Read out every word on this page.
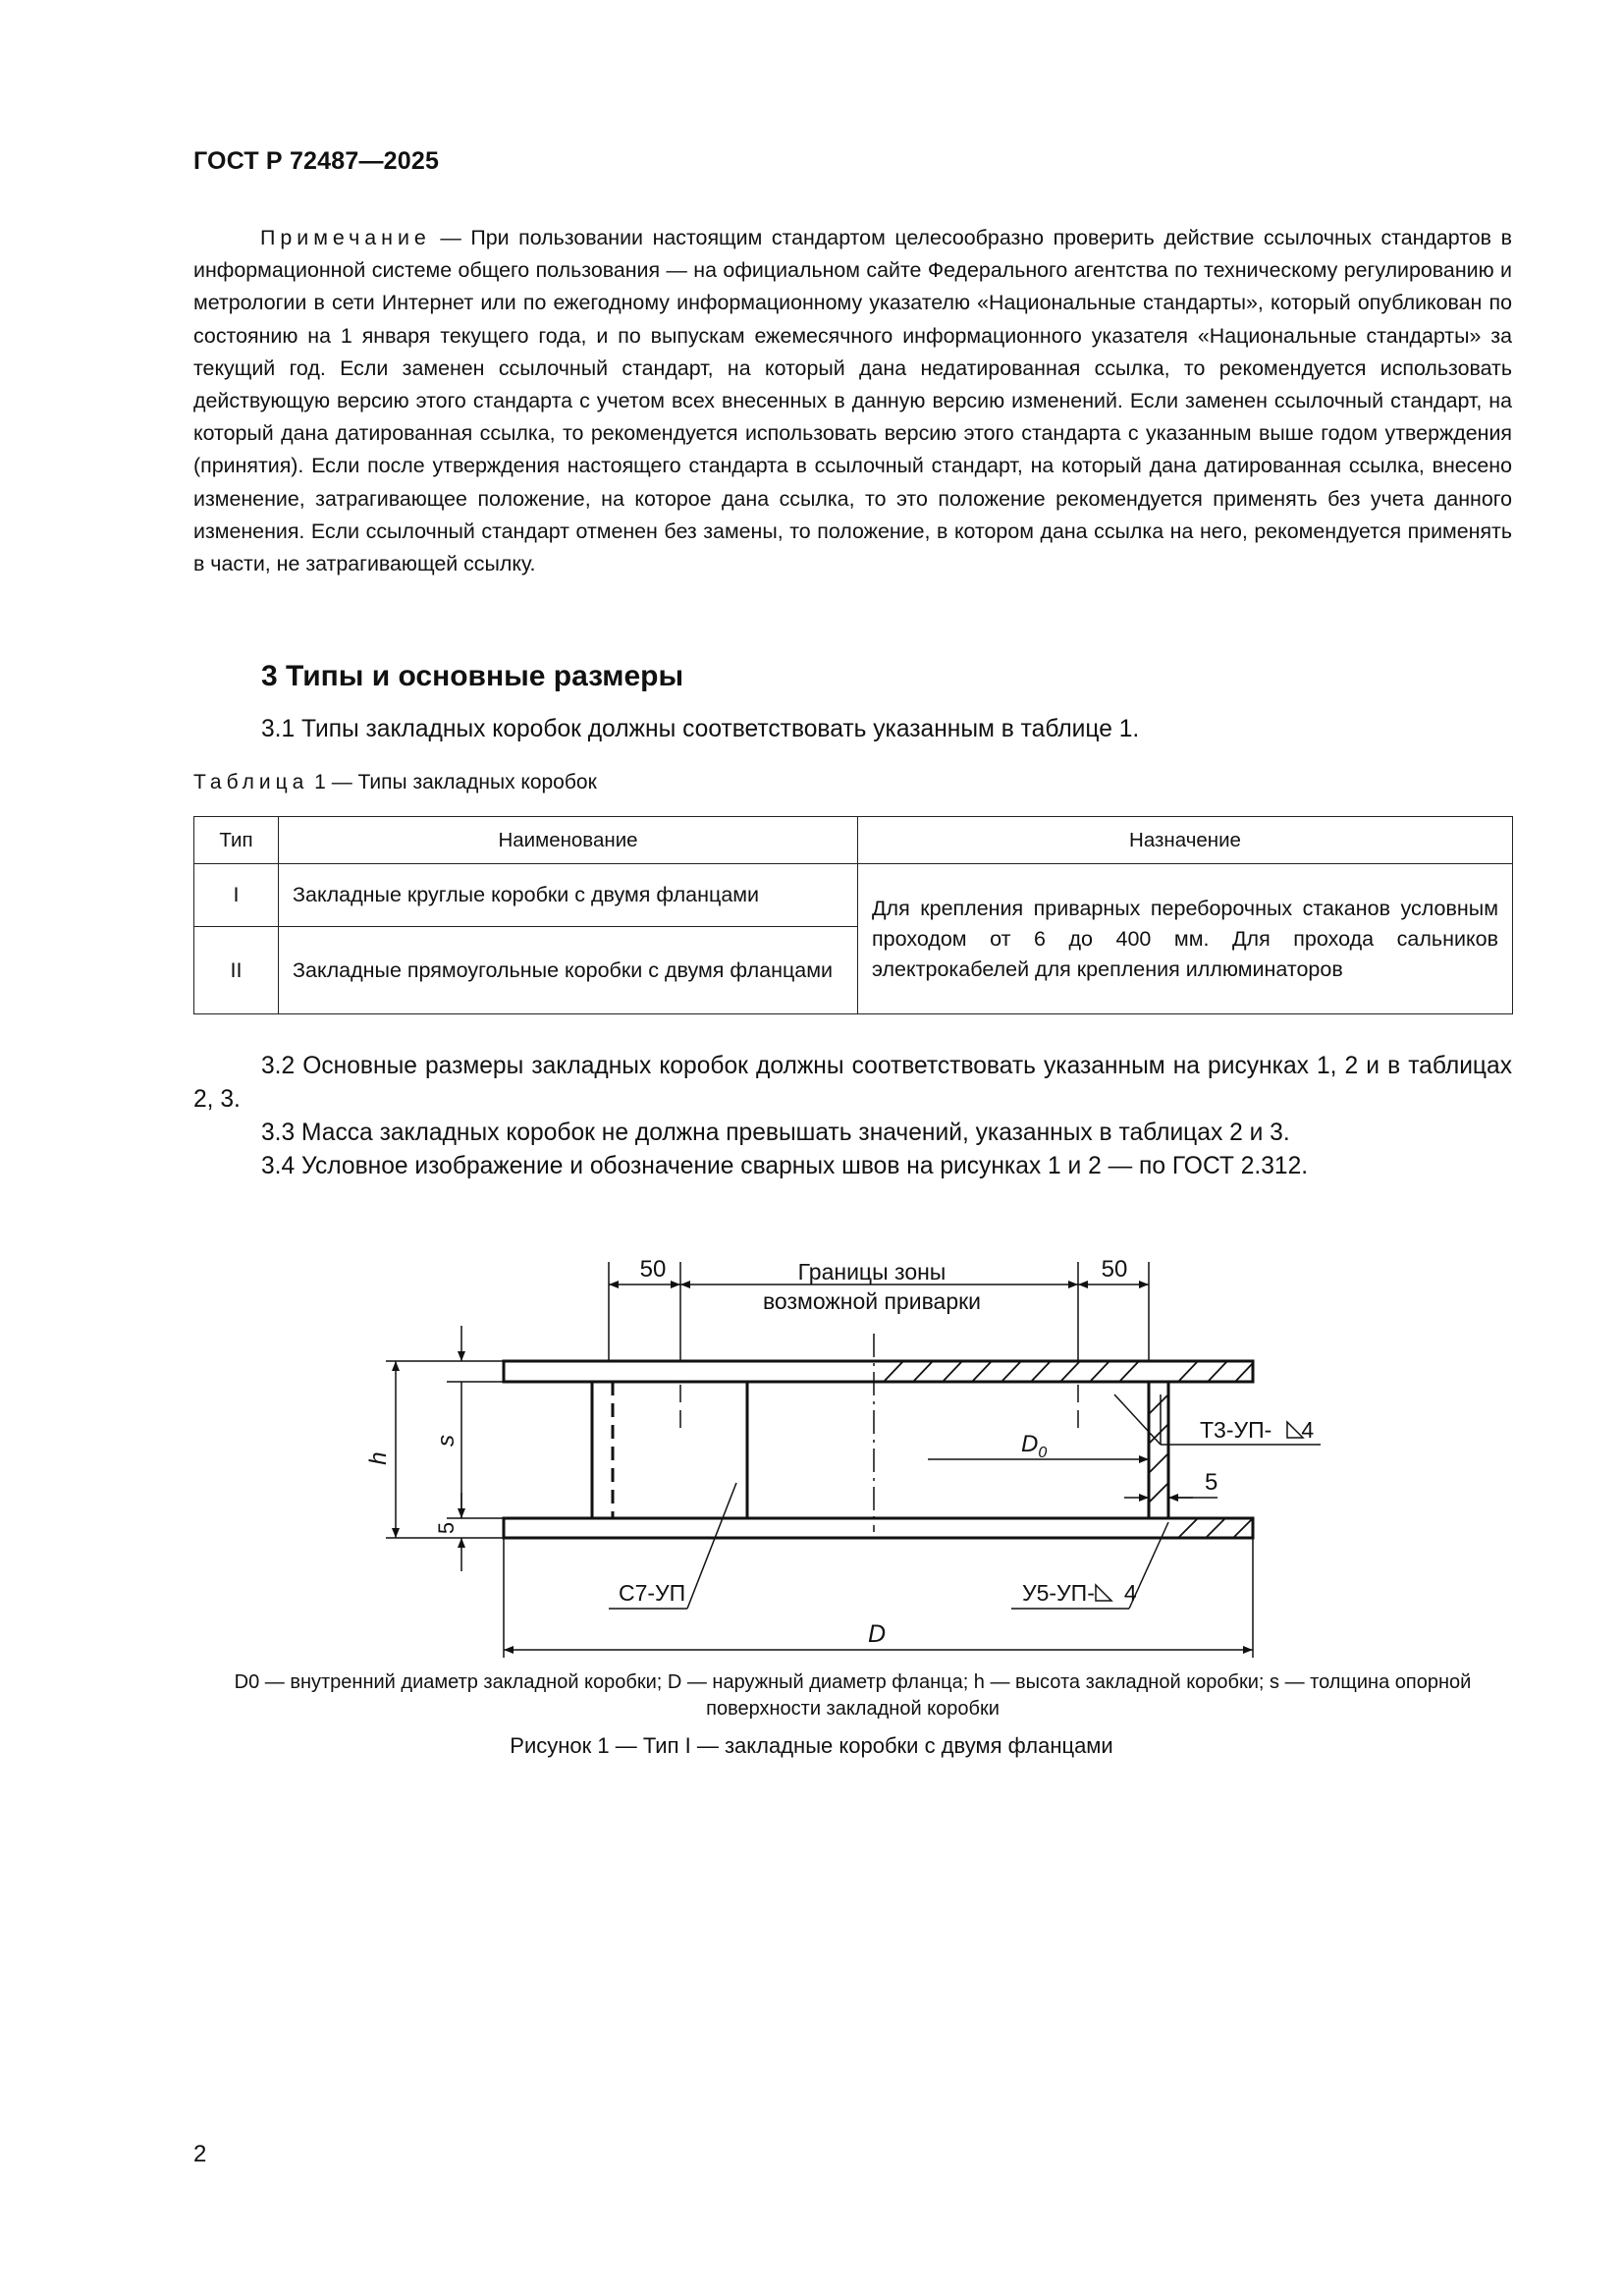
ГОСТ Р 72487—2025
Примечание — При пользовании настоящим стандартом целесообразно проверить действие ссылочных стандартов в информационной системе общего пользования — на официальном сайте Федерального агентства по техническому регулированию и метрологии в сети Интернет или по ежегодному информационному указателю «Национальные стандарты», который опубликован по состоянию на 1 января текущего года, и по выпускам ежемесячного информационного указателя «Национальные стандарты» за текущий год. Если заменен ссылочный стандарт, на который дана недатированная ссылка, то рекомендуется использовать действующую версию этого стандарта с учетом всех внесенных в данную версию изменений. Если заменен ссылочный стандарт, на который дана датированная ссылка, то рекомендуется использовать версию этого стандарта с указанным выше годом утверждения (принятия). Если после утверждения настоящего стандарта в ссылочный стандарт, на который дана датированная ссылка, внесено изменение, затрагивающее положение, на которое дана ссылка, то это положение рекомендуется применять без учета данного изменения. Если ссылочный стандарт отменен без замены, то положение, в котором дана ссылка на него, рекомендуется применять в части, не затрагивающей ссылку.
3 Типы и основные размеры
3.1 Типы закладных коробок должны соответствовать указанным в таблице 1.
Таблица 1 — Типы закладных коробок
Тип	Наименование	Назначение
I	Закладные круглые коробки с двумя фланцами	Для крепления приварных переборочных стаканов условным проходом от 6 до 400 мм. Для прохода сальников электрокабелей для крепления иллюминаторов
II	Закладные прямоугольные коробки с двумя фланцами	
3.2 Основные размеры закладных коробок должны соответствовать указанным на рисунках 1, 2 и в таблицах 2, 3.
3.3 Масса закладных коробок не должна превышать значений, указанных в таблицах 2 и 3.
3.4 Условное изображение и обозначение сварных швов на рисунках 1 и 2 — по ГОСТ 2.312.
50	50
Границы зоны
возможной приварки
Т3-УП- 4
У5-УП- 4
С7-УП
$D_0$
D
h
s
5
5
D0 — внутренний диаметр закладной коробки; D — наружный диаметр фланца; h — высота закладной коробки; s — толщина опорной поверхности закладной коробки
Рисунок 1 — Тип I — закладные коробки с двумя фланцами
2
